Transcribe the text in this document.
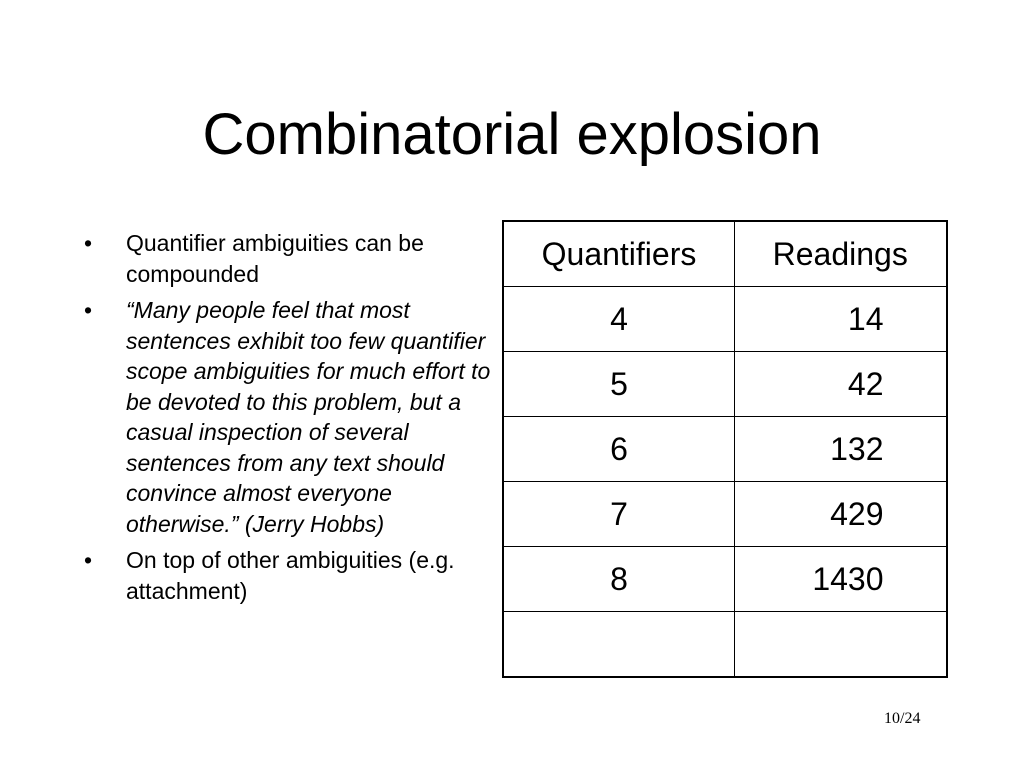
Combinatorial explosion
•	Quantifier ambiguities can be compounded
•	“Many people feel that most sentences exhibit too few quantifier scope ambiguities for much effort to be devoted to this problem, but a casual inspection of several sentences from any text should convince almost everyone otherwise.” (Jerry Hobbs)
•	On top of other ambiguities (e.g. attachment)
Quantifiers	Readings
4	14
5	42
6	132
7	429
8	1430

10/24
